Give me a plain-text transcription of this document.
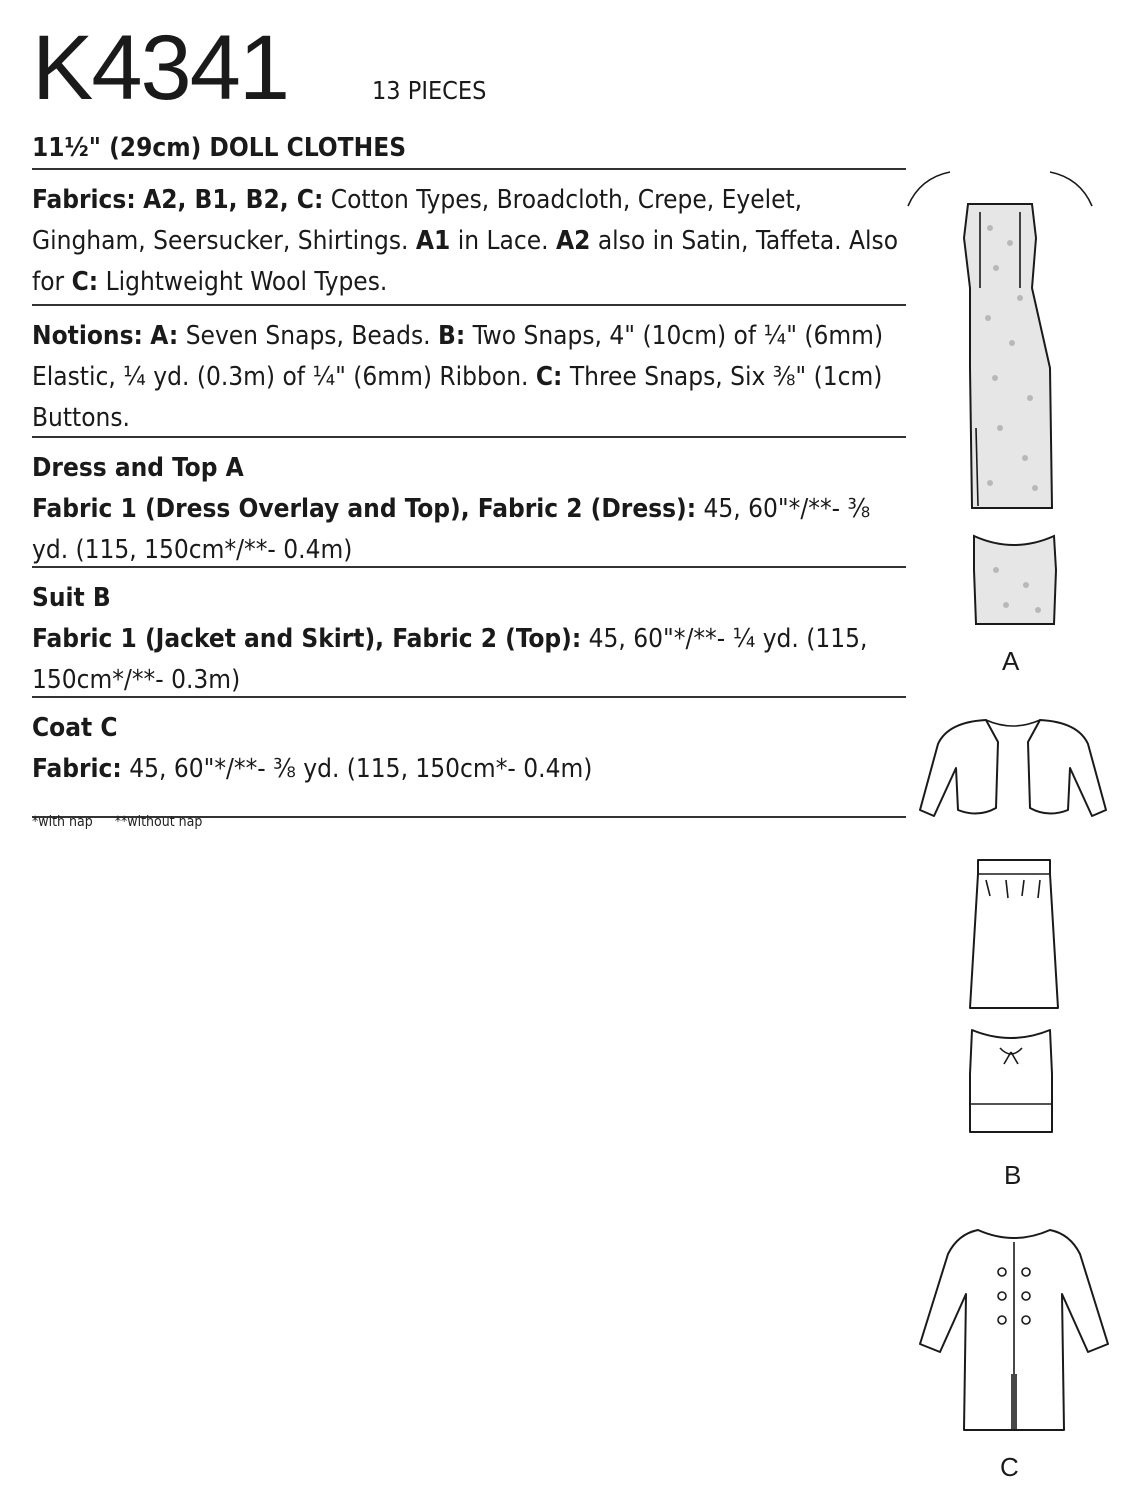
K4341	13 PIECES
11½" (29cm) DOLL CLOTHES
Fabrics: A2, B1, B2, C: Cotton Types, Broadcloth, Crepe, Eyelet, Gingham, Seersucker, Shirtings. A1 in Lace. A2 also in Satin, Taffeta. Also for C: Lightweight Wool Types.
Notions: A: Seven Snaps, Beads. B: Two Snaps, 4" (10cm) of ¼" (6mm) Elastic, ¼ yd. (0.3m) of ¼" (6mm) Ribbon. C: Three Snaps, Six ⅜" (1cm) Buttons.
Dress and Top A
Fabric 1 (Dress Overlay and Top), Fabric 2 (Dress): 45, 60"*/**- ⅜ yd. (115, 150cm*/**- 0.4m)
Suit B
Fabric 1 (Jacket and Skirt), Fabric 2 (Top): 45, 60"*/**- ¼ yd. (115, 150cm*/**- 0.3m)
Coat C
Fabric: 45, 60"*/**- ⅜ yd. (115, 150cm*- 0.4m)
*with nap **without nap
A
B
C
